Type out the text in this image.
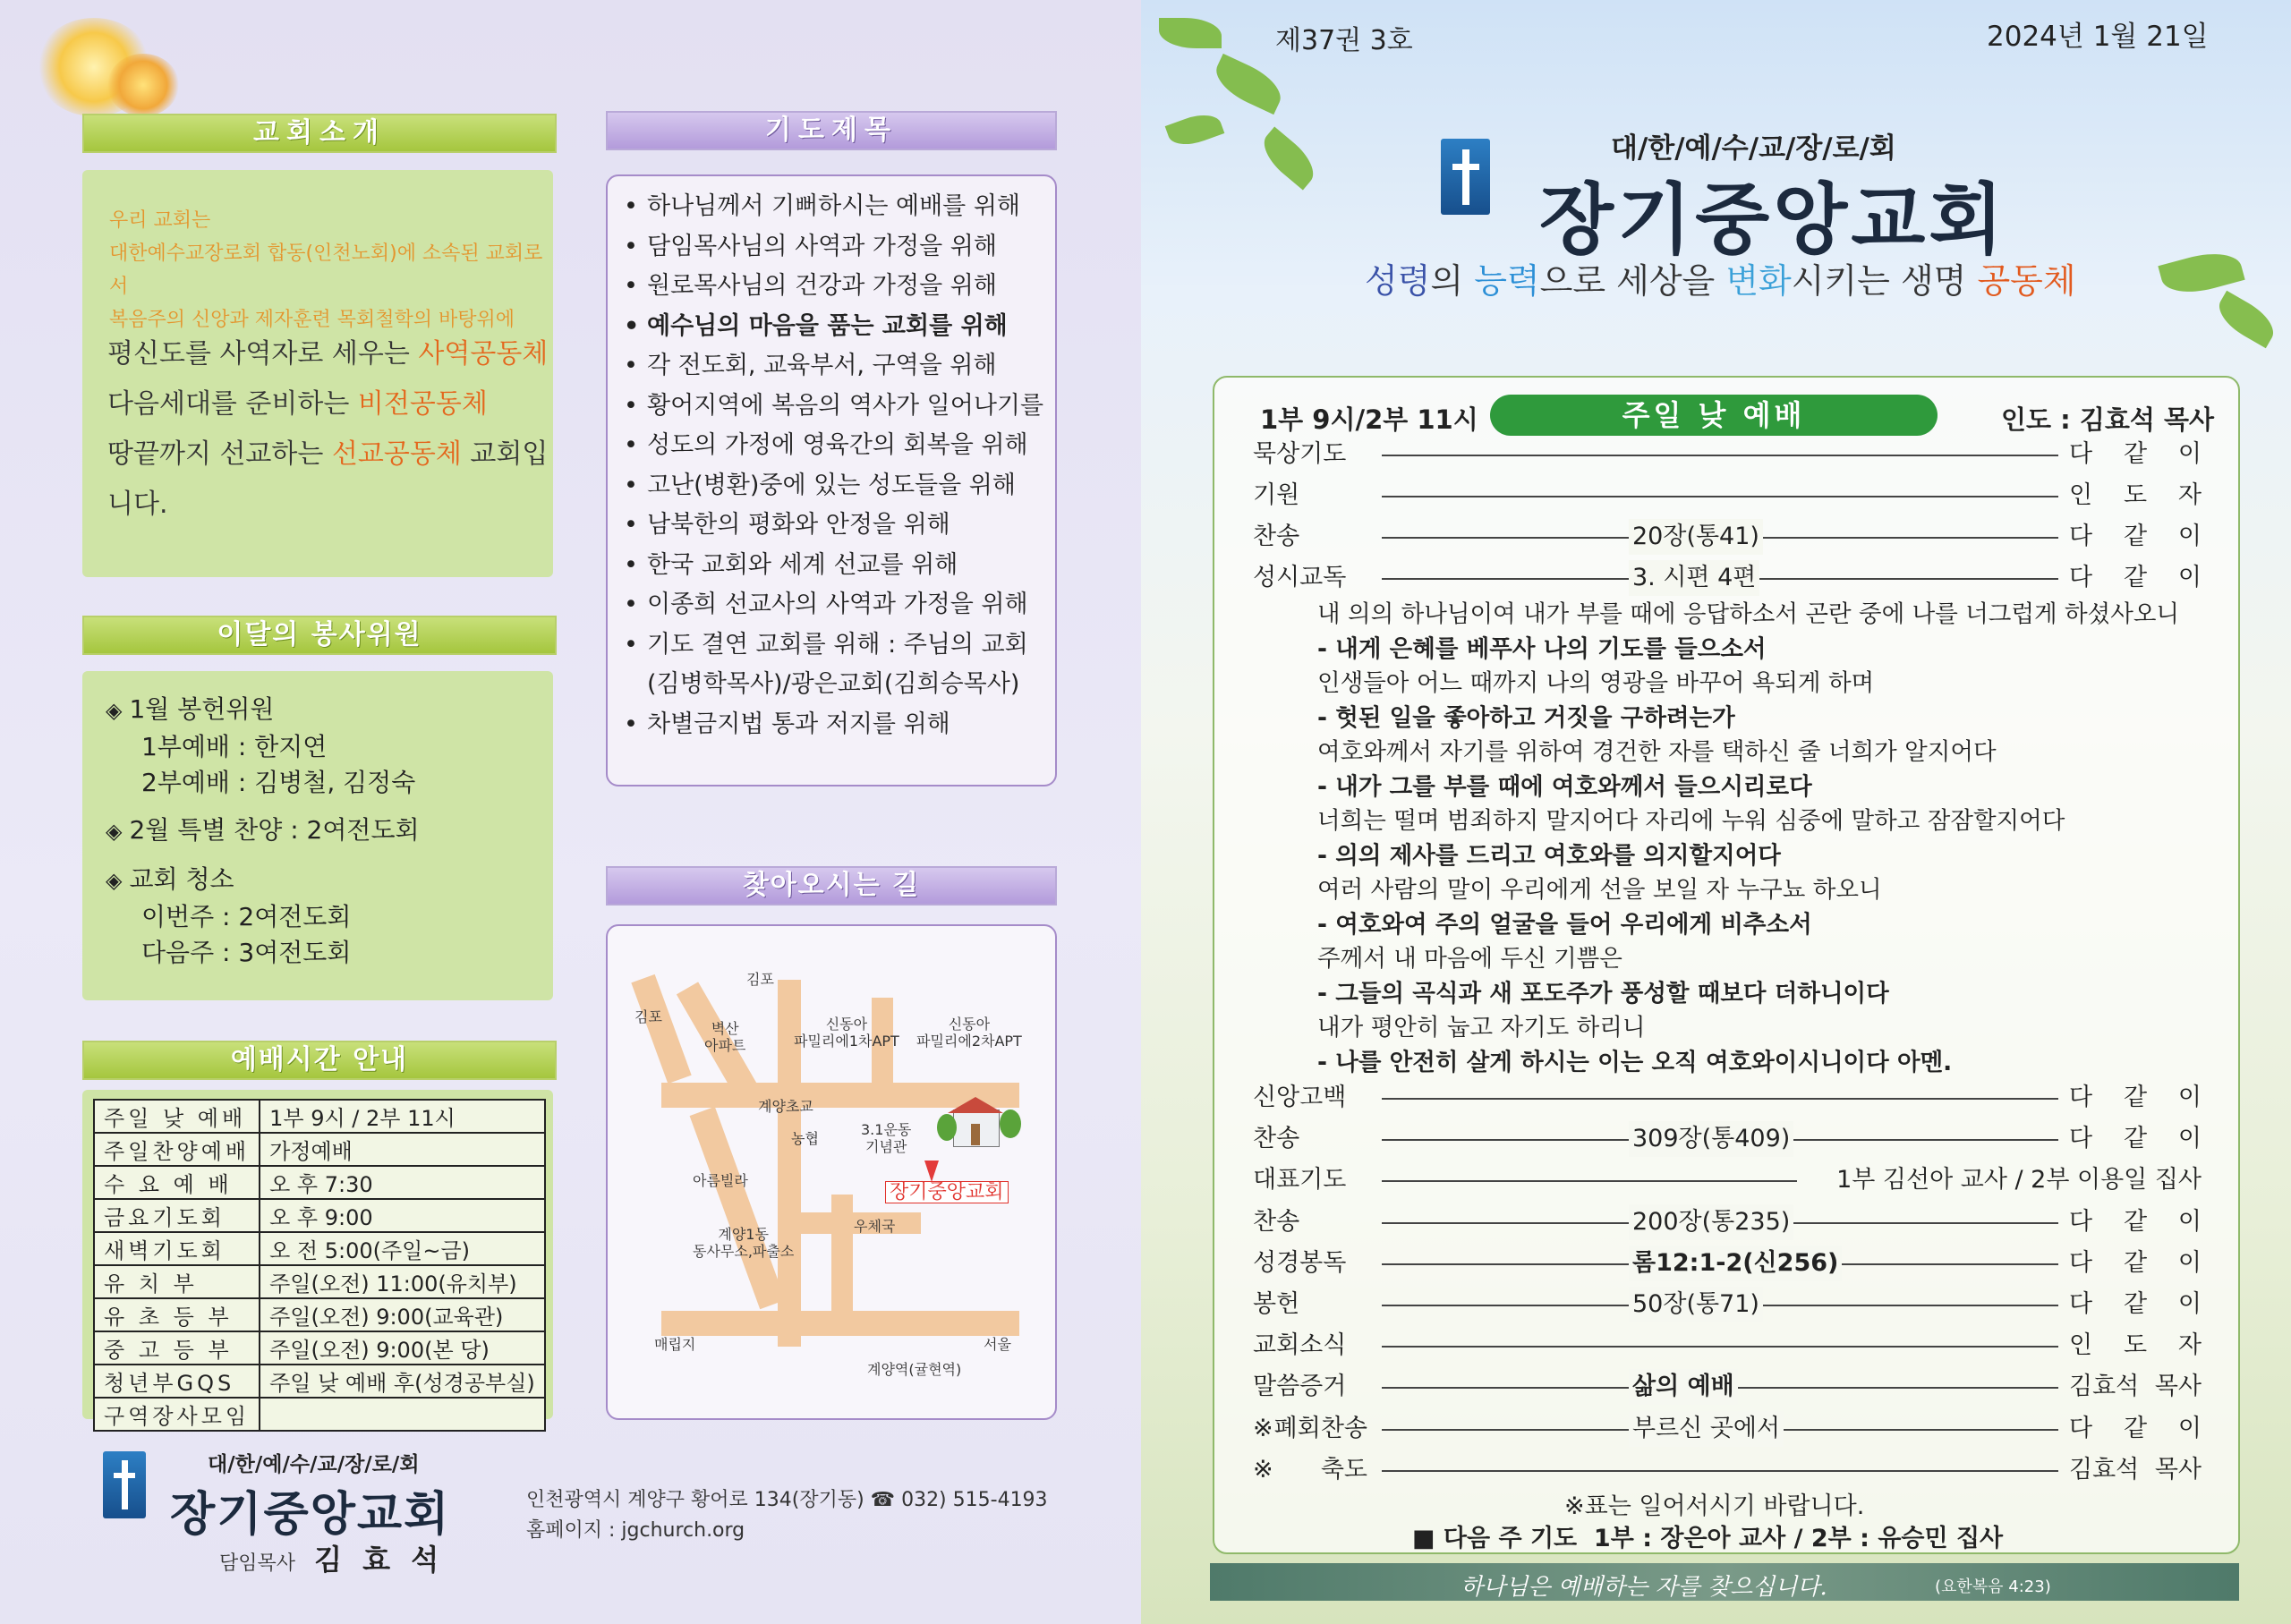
교회소개
우리 교회는
대한예수교장로회 합동(인천노회)에 소속된 교회로서
복음주의 신앙과 제자훈련 목회철학의 바탕위에
평신도를 사역자로 세우는 사역공동체
다음세대를 준비하는 비전공동체
땅끝까지 선교하는 선교공동체 교회입니다.
이달의 봉사위원
◈ 1월 봉헌위원
1부예배 : 한지연
2부예배 : 김병철, 김정숙
◈ 2월 특별 찬양 : 2여전도회
◈ 교회 청소
이번주 : 2여전도회
다음주 : 3여전도회
예배시간 안내
주일 낮 예배	1부 9시 / 2부 11시
주일찬양예배	가정예배
수 요 예 배	오 후 7:30
금요기도회	오 후 9:00
새벽기도회	오 전 5:00(주일~금)
유 치 부	주일(오전) 11:00(유치부)
유 초 등 부	주일(오전) 9:00(교육관)
중 고 등 부	주일(오전) 9:00(본 당)
청년부GQS	주일 낮 예배 후(성경공부실)
구역장사모임	
기도제목
• 하나님께서 기뻐하시는 예배를 위해
• 담임목사님의 사역과 가정을 위해
• 원로목사님의 건강과 가정을 위해
• 예수님의 마음을 품는 교회를 위해
• 각 전도회, 교육부서, 구역을 위해
• 황어지역에 복음의 역사가 일어나기를
• 성도의 가정에 영육간의 회복을 위해
• 고난(병환)중에 있는 성도들을 위해
• 남북한의 평화와 안정을 위해
• 한국 교회와 세계 선교를 위해
• 이종희 선교사의 사역과 가정을 위해
• 기도 결연 교회를 위해 : 주님의 교회
(김병학목사)/광은교회(김희승목사)
• 차별금지법 통과 저지를 위해
찾아오시는 길
김포
김포
벽산
아파트
신동아
파밀리에1차APT
신동아
파밀리에2차APT
계양초교
농협
3.1운동
기념관
장기중앙교회
아름빌라
계양1동
동사무소,파출소
우체국
매립지	서울
계양역(귤현역)
대/한/예/수/교/장/로/회
장기중앙교회
담임목사 김 효 석
인천광역시 계양구 황어로 134(장기동) ☎ 032) 515-4193
홈페이지 : jgchurch.org
제37권 3호	2024년 1월 21일
대/한/예/수/교/장/로/회
장기중앙교회
성령의 능력으로 세상을 변화시키는 생명 공동체
1부 9시/2부 11시	주일 낮 예배	인도 : 김효석 목사
묵상기도	다 같 이
기원	인 도 자
찬송	20장(통41)	다 같 이
성시교독	3. 시편 4편	다 같 이
내 의의 하나님이여 내가 부를 때에 응답하소서 곤란 중에 나를 너그럽게 하셨사오니
- 내게 은혜를 베푸사 나의 기도를 들으소서
인생들아 어느 때까지 나의 영광을 바꾸어 욕되게 하며
- 헛된 일을 좋아하고 거짓을 구하려는가
여호와께서 자기를 위하여 경건한 자를 택하신 줄 너희가 알지어다
- 내가 그를 부를 때에 여호와께서 들으시리로다
너희는 떨며 범죄하지 말지어다 자리에 누워 심중에 말하고 잠잠할지어다
- 의의 제사를 드리고 여호와를 의지할지어다
여러 사람의 말이 우리에게 선을 보일 자 누구뇨 하오니
- 여호와여 주의 얼굴을 들어 우리에게 비추소서
주께서 내 마음에 두신 기쁨은
- 그들의 곡식과 새 포도주가 풍성할 때보다 더하니이다
내가 평안히 눕고 자기도 하리니
- 나를 안전히 살게 하시는 이는 오직 여호와이시니이다 아멘.
신앙고백	다 같 이
찬송	309장(통409)	다 같 이
대표기도	1부 김선아 교사 / 2부 이용일 집사
찬송	200장(통235)	다 같 이
성경봉독	롬12:1-2(신256)	다 같 이
봉헌	50장(통71)	다 같 이
교회소식	인 도 자
말씀증거	삶의 예배	김효석 목사
※폐회찬송	부르신 곳에서	다 같 이
※축도	김효석 목사
※표는 일어서시기 바랍니다.
■ 다음 주 기도  1부 : 장은아 교사 / 2부 : 유승민 집사
하나님은 예배하는 자를 찾으십니다.	(요한복음 4:23)
